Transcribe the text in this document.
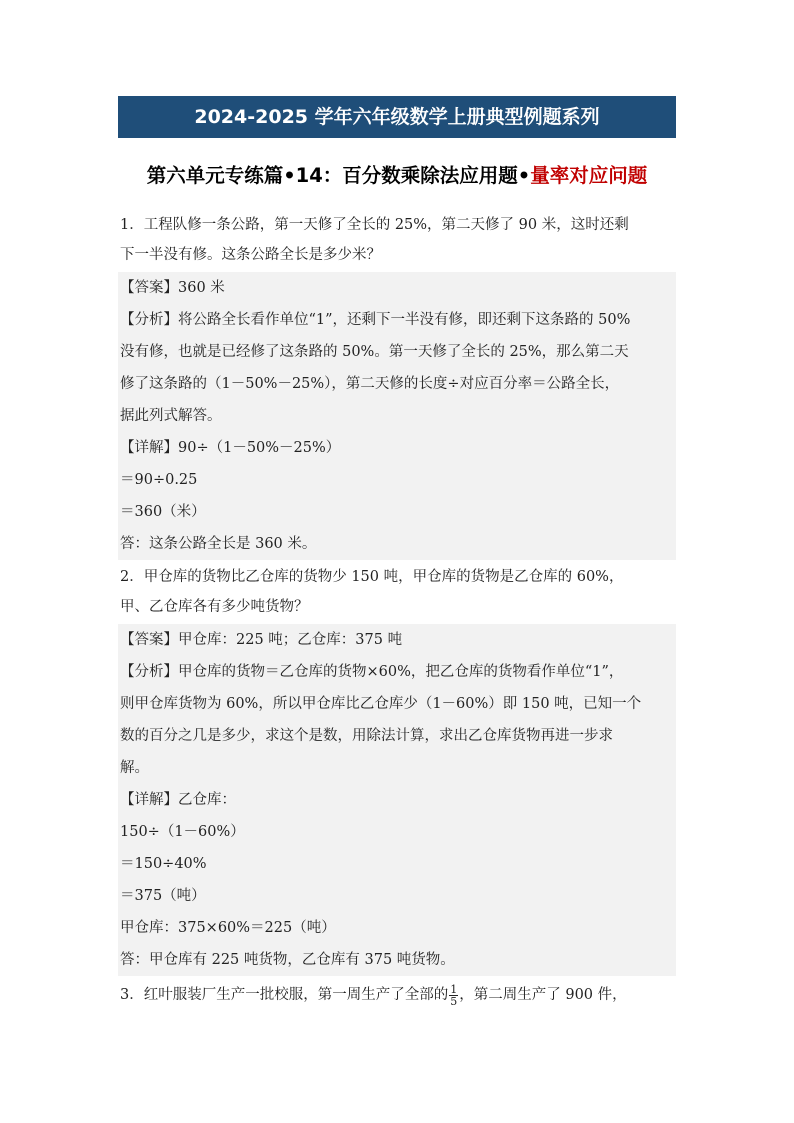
2024-2025 学年六年级数学上册典型例题系列
第六单元专练篇•14：百分数乘除法应用题•量率对应问题

1．工程队修一条公路，第一天修了全长的 25%，第二天修了 90 米，这时还剩

下一半没有修。这条公路全长是多少米？

【答案】360 米

【分析】将公路全长看作单位“1”，还剩下一半没有修，即还剩下这条路的 50%

没有修，也就是已经修了这条路的 50%。第一天修了全长的 25%，那么第二天

修了这条路的（1－50%－25%），第二天修的长度÷对应百分率＝公路全长，

据此列式解答。

【详解】90÷（1－50%－25%）

＝90÷0.25

＝360（米）

答：这条公路全长是 360 米。

2．甲仓库的货物比乙仓库的货物少 150 吨，甲仓库的货物是乙仓库的 60%，

甲、乙仓库各有多少吨货物？

【答案】甲仓库：225 吨；乙仓库：375 吨

【分析】甲仓库的货物＝乙仓库的货物×60%，把乙仓库的货物看作单位“1”，

则甲仓库货物为 60%，所以甲仓库比乙仓库少（1－60%）即 150 吨，已知一个

数的百分之几是多少，求这个是数，用除法计算，求出乙仓库货物再进一步求

解。

【详解】乙仓库：

150÷（1－60%）

＝150÷40%

＝375（吨）

甲仓库：375×60%＝225（吨）

答：甲仓库有 225 吨货物，乙仓库有 375 吨货物。

3．红叶服装厂生产一批校服，第一周生产了全部的 $\frac{1}{5}$ ，第二周生产了 900 件，
